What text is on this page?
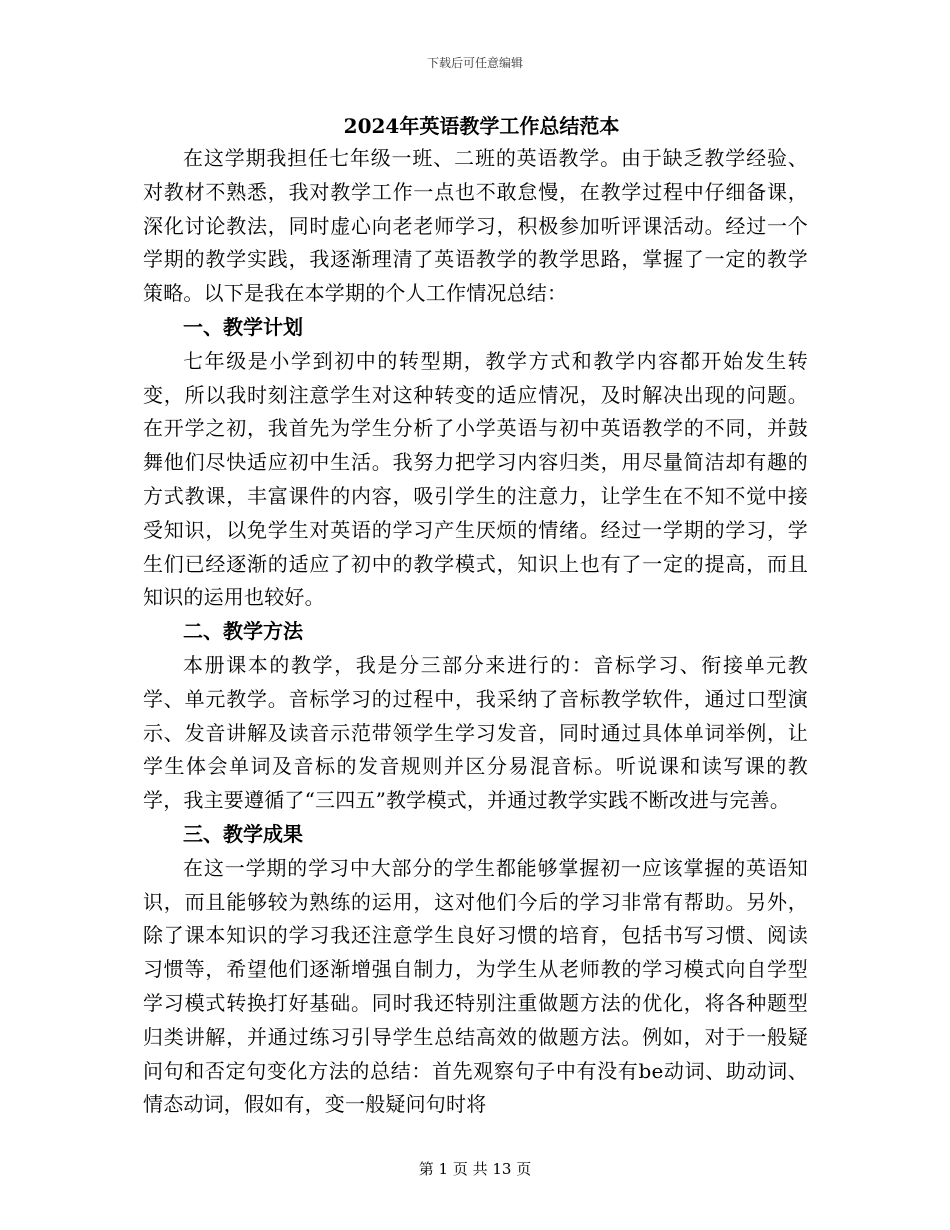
下载后可任意编辑
2024年英语教学工作总结范本

在这学期我担任七年级一班、二班的英语教学。由于缺乏教学经验、对教材不熟悉，我对教学工作一点也不敢怠慢，在教学过程中仔细备课，深化讨论教法，同时虚心向老老师学习，积极参加听评课活动。经过一个学期的教学实践，我逐渐理清了英语教学的教学思路，掌握了一定的教学策略。以下是我在本学期的个人工作情况总结：

一、教学计划

七年级是小学到初中的转型期，教学方式和教学内容都开始发生转变，所以我时刻注意学生对这种转变的适应情况，及时解决出现的问题。在开学之初，我首先为学生分析了小学英语与初中英语教学的不同，并鼓舞他们尽快适应初中生活。我努力把学习内容归类，用尽量简洁却有趣的方式教课，丰富课件的内容，吸引学生的注意力，让学生在不知不觉中接受知识，以免学生对英语的学习产生厌烦的情绪。经过一学期的学习，学生们已经逐渐的适应了初中的教学模式，知识上也有了一定的提高，而且知识的运用也较好。

二、教学方法

本册课本的教学，我是分三部分来进行的：音标学习、衔接单元教学、单元教学。音标学习的过程中，我采纳了音标教学软件，通过口型演示、发音讲解及读音示范带领学生学习发音，同时通过具体单词举例，让学生体会单词及音标的发音规则并区分易混音标。听说课和读写课的教学，我主要遵循了“三四五”教学模式，并通过教学实践不断改进与完善。

三、教学成果

在这一学期的学习中大部分的学生都能够掌握初一应该掌握的英语知识，而且能够较为熟练的运用，这对他们今后的学习非常有帮助。另外，除了课本知识的学习我还注意学生良好习惯的培育，包括书写习惯、阅读习惯等，希望他们逐渐增强自制力，为学生从老师教的学习模式向自学型学习模式转换打好基础。同时我还特别注重做题方法的优化，将各种题型归类讲解，并通过练习引导学生总结高效的做题方法。例如，对于一般疑问句和否定句变化方法的总结：首先观察句子中有没有be动词、助动词、情态动词，假如有，变一般疑问句时将

第 1 页 共 13 页
